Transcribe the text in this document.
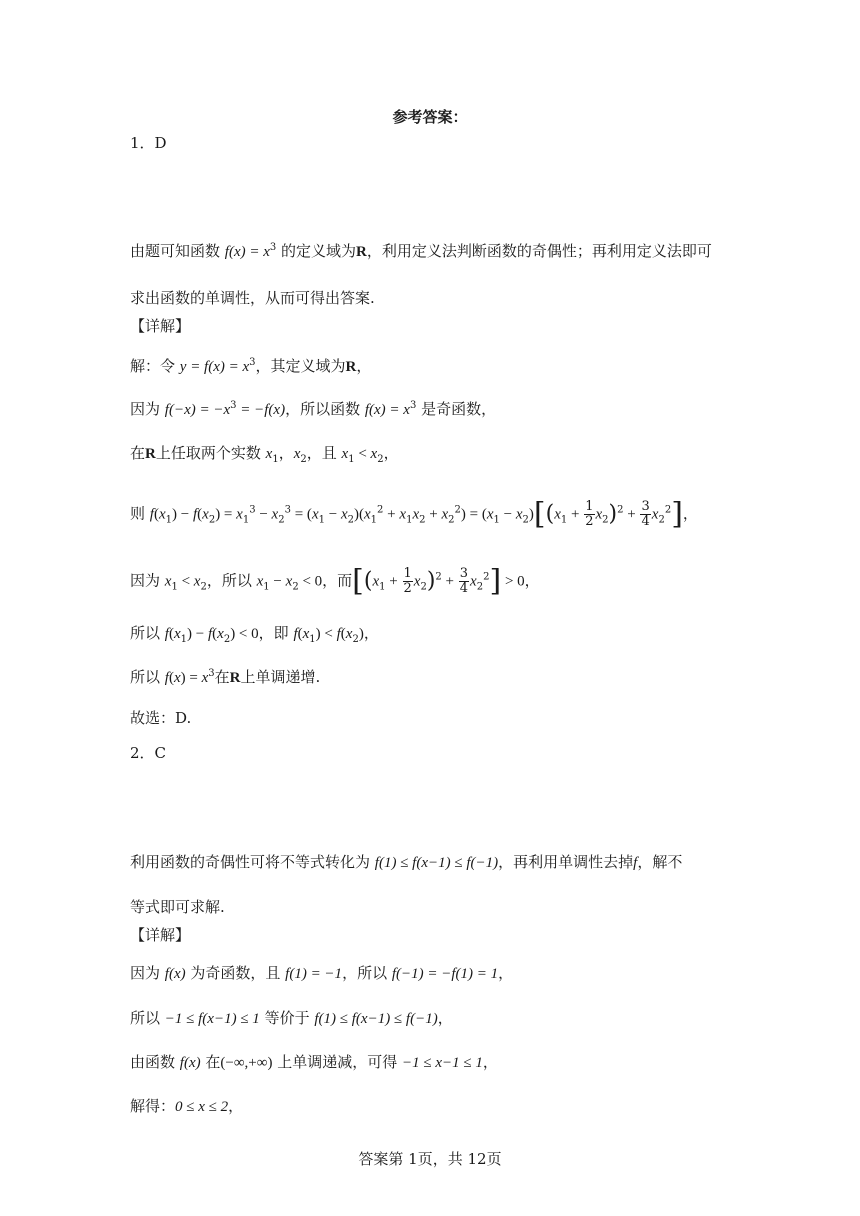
参考答案：
1．D
由题可知函数 $f(x) = x^3$ 的定义域为R，利用定义法判断函数的奇偶性；再利用定义法即可
求出函数的单调性，从而可得出答案.
【详解】
解：令 $y = f(x) = x^3$，其定义域为R，
因为 $f(-x) = -x^3 = -f(x)$，所以函数 $f(x) = x^3$ 是奇函数，
在R上任取两个实数 $x_1$，$x_2$，且 $x_1 < x_2$，
则 $f(x_1) - f(x_2) = x_1^3 - x_2^3 = (x_1 - x_2)(x_1^2 + x_1x_2 + x_2^2) = (x_1 - x_2)[(x_1 + \frac{1}{2} x_2)^2 + \frac{3}{4} x_2^2]$，
因为 $x_1 < x_2$，所以 $x_1 - x_2 < 0$，而$[(x_1 + \frac{1}{2} x_2)^2 + \frac{3}{4} x_2^2] > 0$，
所以 $f(x_1) - f(x_2) < 0$，即 $f(x_1) < f(x_2)$，
所以 $f(x) = x^3$在R上单调递增.
故选：D.
2．C
利用函数的奇偶性可将不等式转化为 f(1) ≤ f(x−1) ≤ f(−1)，再利用单调性去掉f，解不
等式即可求解.
【详解】
因为 f(x) 为奇函数，且 f(1) = −1，所以 f(−1) = −f(1) = 1，
所以 −1 ≤ f(x−1) ≤ 1 等价于 f(1) ≤ f(x−1) ≤ f(−1)，
由函数 f(x) 在(−∞,+∞) 上单调递减，可得 −1 ≤ x−1 ≤ 1，
解得：0 ≤ x ≤ 2，
答案第 1页，共 12页
